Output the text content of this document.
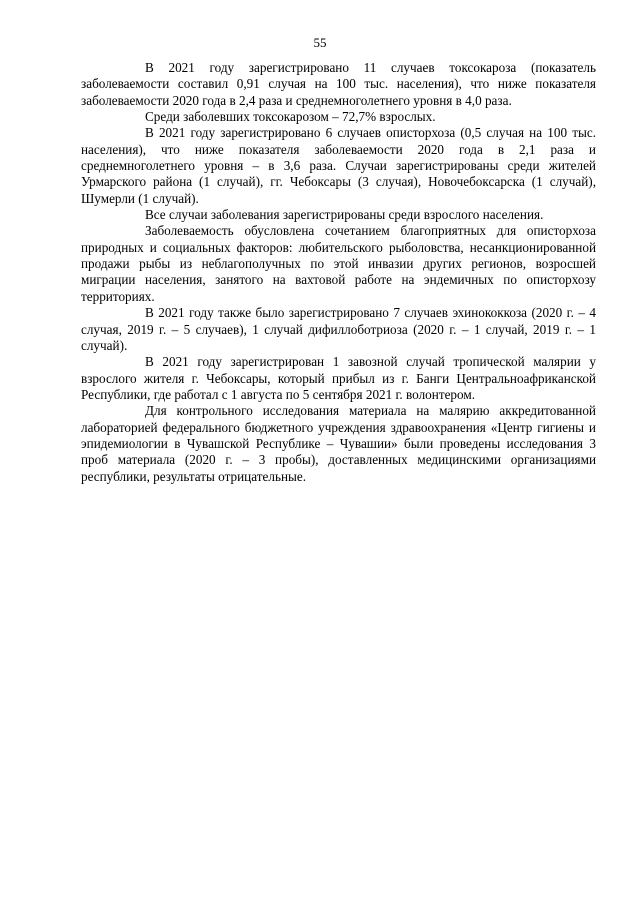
55

В 2021 году зарегистрировано 11 случаев токсокароза (показатель заболеваемости составил 0,91 случая на 100 тыс. населения), что ниже показателя заболеваемости 2020 года в 2,4 раза и среднемноголетнего уровня в 4,0 раза.

Среди заболевших токсокарозом – 72,7% взрослых.

В 2021 году зарегистрировано 6 случаев описторхоза (0,5 случая на 100 тыс. населения), что ниже показателя заболеваемости 2020 года в 2,1 раза и среднемноголетнего уровня – в 3,6 раза. Случаи зарегистрированы среди жителей Урмарского района (1 случай), гг. Чебоксары (3 случая), Новочебоксарска (1 случай), Шумерли (1 случай).

Все случаи заболевания зарегистрированы среди взрослого населения.

Заболеваемость обусловлена сочетанием благоприятных для описторхоза природных и социальных факторов: любительского рыболовства, несанкционированной продажи рыбы из неблагополучных по этой инвазии других регионов, возросшей миграции населения, занятого на вахтовой работе на эндемичных по описторхозу территориях.

В 2021 году также было зарегистрировано 7 случаев эхинококкоза (2020 г. – 4 случая, 2019 г. – 5 случаев), 1 случай дифиллоботриоза (2020 г. – 1 случай, 2019 г. – 1 случай).

В 2021 году зарегистрирован 1 завозной случай тропической малярии у взрослого жителя г. Чебоксары, который прибыл из г. Банги Центральноафриканской Республики, где работал с 1 августа по 5 сентября 2021 г. волонтером.

Для контрольного исследования материала на малярию аккредитованной лабораторией федерального бюджетного учреждения здравоохранения «Центр гигиены и эпидемиологии в Чувашской Республике – Чувашии» были проведены исследования 3 проб материала (2020 г. – 3 пробы), доставленных медицинскими организациями республики, результаты отрицательные.
